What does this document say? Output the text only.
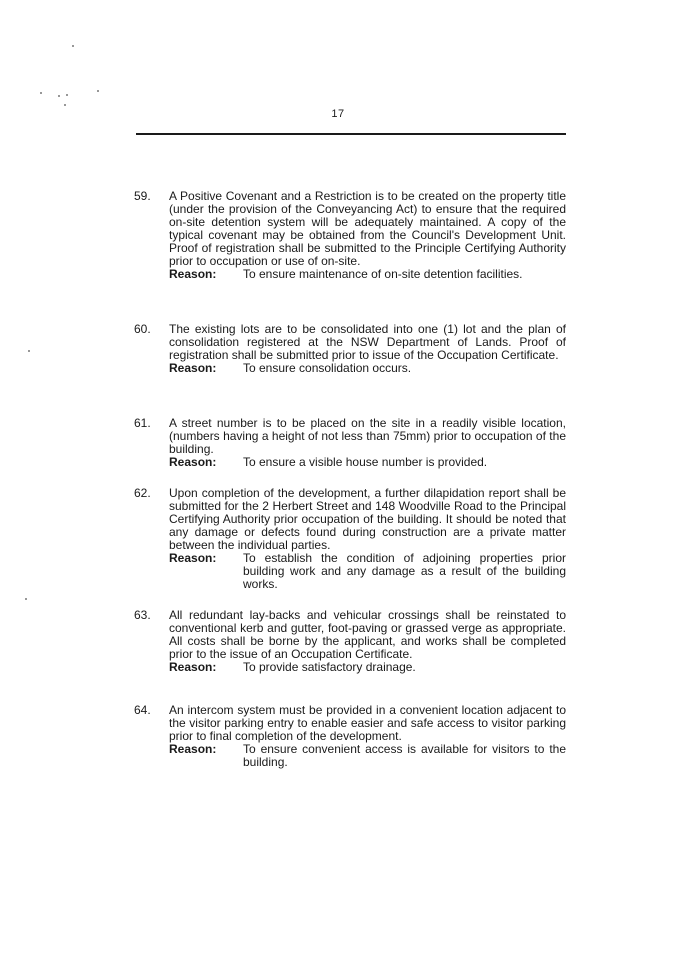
17
59.	A Positive Covenant and a Restriction is to be created on the property title (under the provision of the Conveyancing Act) to ensure that the required on-site detention system will be adequately maintained. A copy of the typical covenant may be obtained from the Council's Development Unit. Proof of registration shall be submitted to the Principle Certifying Authority prior to occupation or use of on-site.
Reason:	To ensure maintenance of on-site detention facilities.
60.	The existing lots are to be consolidated into one (1) lot and the plan of consolidation registered at the NSW Department of Lands. Proof of registration shall be submitted prior to issue of the Occupation Certificate.
Reason:	To ensure consolidation occurs.
61.	A street number is to be placed on the site in a readily visible location, (numbers having a height of not less than 75mm) prior to occupation of the building.
Reason:	To ensure a visible house number is provided.
62.	Upon completion of the development, a further dilapidation report shall be submitted for the 2 Herbert Street and 148 Woodville Road to the Principal Certifying Authority prior occupation of the building. It should be noted that any damage or defects found during construction are a private matter between the individual parties.
Reason:	To establish the condition of adjoining properties prior building work and any damage as a result of the building works.
63.	All redundant lay-backs and vehicular crossings shall be reinstated to conventional kerb and gutter, foot-paving or grassed verge as appropriate. All costs shall be borne by the applicant, and works shall be completed prior to the issue of an Occupation Certificate.
Reason:	To provide satisfactory drainage.
64.	An intercom system must be provided in a convenient location adjacent to the visitor parking entry to enable easier and safe access to visitor parking prior to final completion of the development.
Reason:	To ensure convenient access is available for visitors to the building.
